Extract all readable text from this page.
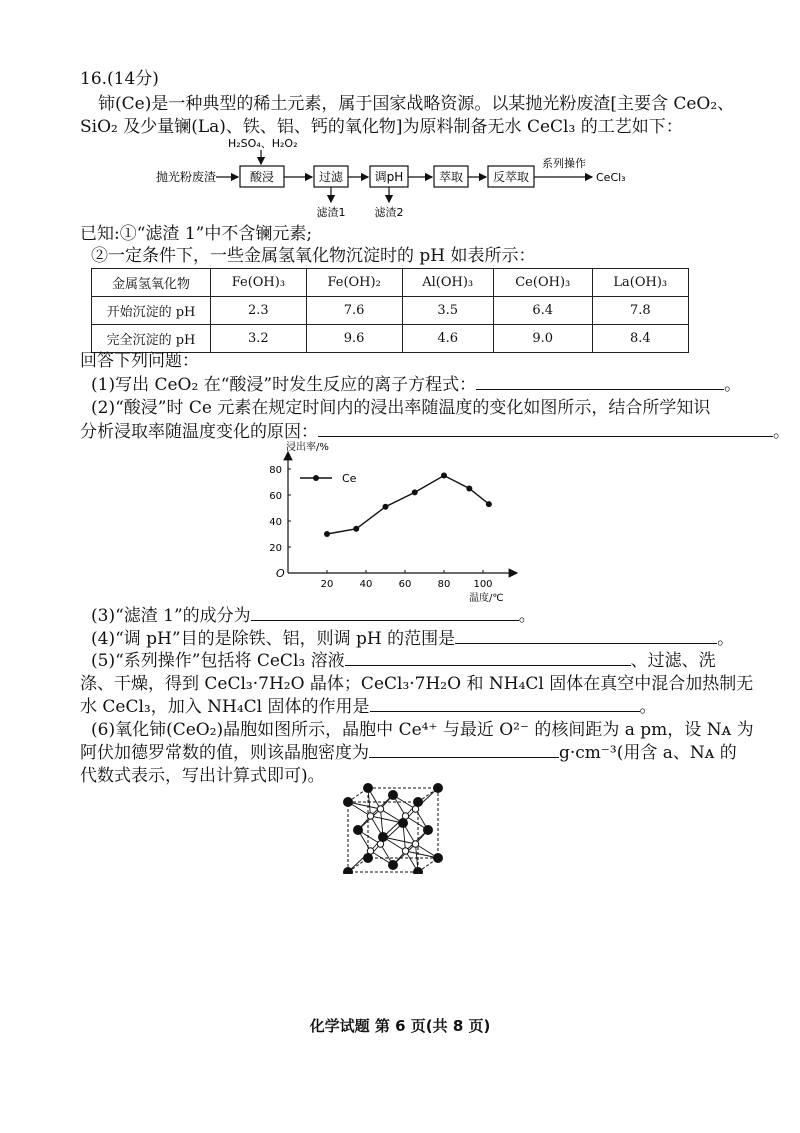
16.(14分)
铈(Ce)是一种典型的稀土元素，属于国家战略资源。以某抛光粉废渣[主要含 CeO₂、
SiO₂ 及少量镧(La)、铁、铝、钙的氧化物]为原料制备无水 CeCl₃ 的工艺如下：
H₂SO₄、H₂O₂
抛光粉废渣	酸浸	过滤
滤渣1
调pH
滤渣2
萃取 反萃取
系列操作
CeCl₃
已知:①“滤渣 1”中不含镧元素;
②一定条件下，一些金属氢氧化物沉淀时的 pH 如表所示：
金属氢氧化物	Fe(OH)₃	Fe(OH)₂	Al(OH)₃	Ce(OH)₃	La(OH)₃
开始沉淀的 pH	2.3	7.6	3.5	6.4	7.8
完全沉淀的 pH	3.2	9.6	4.6	9.0	8.4
回答下列问题：
(1)写出 CeO₂ 在“酸浸”时发生反应的离子方程式：	。
(2)“酸浸”时 Ce 元素在规定时间内的浸出率随温度的变化如图所示，结合所学知识
分析浸取率随温度变化的原因：	。
浸出率/%
温度/℃
O
20	40	60	80 100
20
40
60
80
Ce
(3)“滤渣 1”的成分为	。
(4)“调 pH”目的是除铁、铝，则调 pH 的范围是	。
(5)“系列操作”包括将 CeCl₃ 溶液	、过滤、洗
涤、干燥，得到 CeCl₃·7H₂O 晶体；CeCl₃·7H₂O 和 NH₄Cl 固体在真空中混合加热制无
水 CeCl₃，加入 NH₄Cl 固体的作用是	。
(6)氧化铈(CeO₂)晶胞如图所示，晶胞中 Ce⁴⁺ 与最近 O²⁻ 的核间距为 a pm，设 Nᴀ 为
阿伏加德罗常数的值，则该晶胞密度为	g·cm⁻³(用含 a、Nᴀ 的
代数式表示，写出计算式即可)。
化学试题 第 6 页(共 8 页)
